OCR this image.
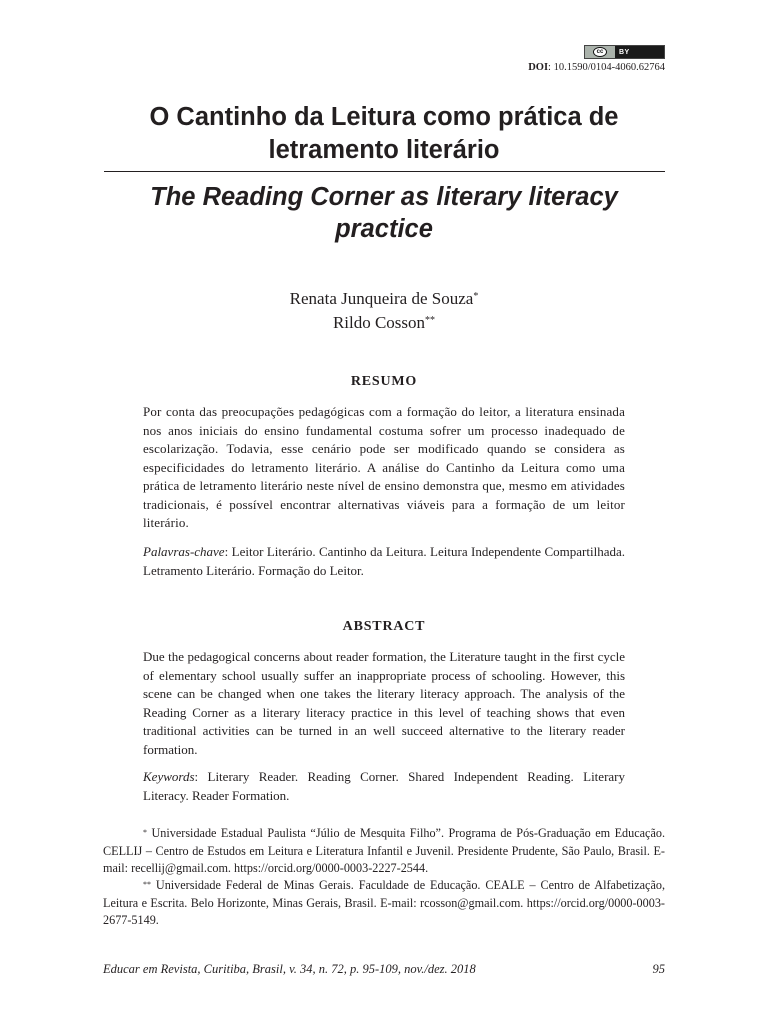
cc	BY
DOI: 10.1590/0104-4060.62764
O Cantinho da Leitura como prática de letramento literário
The Reading Corner as literary literacy practice
Renata Junqueira de Souza*
Rildo Cosson**
RESUMO

Por conta das preocupações pedagógicas com a formação do leitor, a literatura ensinada nos anos iniciais do ensino fundamental costuma sofrer um processo inadequado de escolarização. Todavia, esse cenário pode ser modificado quando se considera as especificidades do letramento literário. A análise do Cantinho da Leitura como uma prática de letramento literário neste nível de ensino demonstra que, mesmo em atividades tradicionais, é possível encontrar alternativas viáveis para a formação de um leitor literário.

Palavras-chave: Leitor Literário. Cantinho da Leitura. Leitura Independente Compartilhada. Letramento Literário. Formação do Leitor.

ABSTRACT

Due the pedagogical concerns about reader formation, the Literature taught in the first cycle of elementary school usually suffer an inappropriate process of schooling. However, this scene can be changed when one takes the literary literacy approach. The analysis of the Reading Corner as a literary literacy practice in this level of teaching shows that even traditional activities can be turned in an well succeed alternative to the literary reader formation.

Keywords: Literary Reader. Reading Corner. Shared Independent Reading. Literary Literacy. Reader Formation.

* Universidade Estadual Paulista “Júlio de Mesquita Filho”. Programa de Pós-Graduação em Educação. CELLIJ – Centro de Estudos em Leitura e Literatura Infantil e Juvenil. Presidente Prudente, São Paulo, Brasil. E-mail: recellij@gmail.com. https://orcid.org/0000-0003-2227-2544.

** Universidade Federal de Minas Gerais. Faculdade de Educação. CEALE – Centro de Alfabetização, Leitura e Escrita. Belo Horizonte, Minas Gerais, Brasil. E-mail: rcosson@gmail.com. https://orcid.org/0000-0003-2677-5149.

Educar em Revista, Curitiba, Brasil, v. 34, n. 72, p. 95-109, nov./dez. 2018	95
